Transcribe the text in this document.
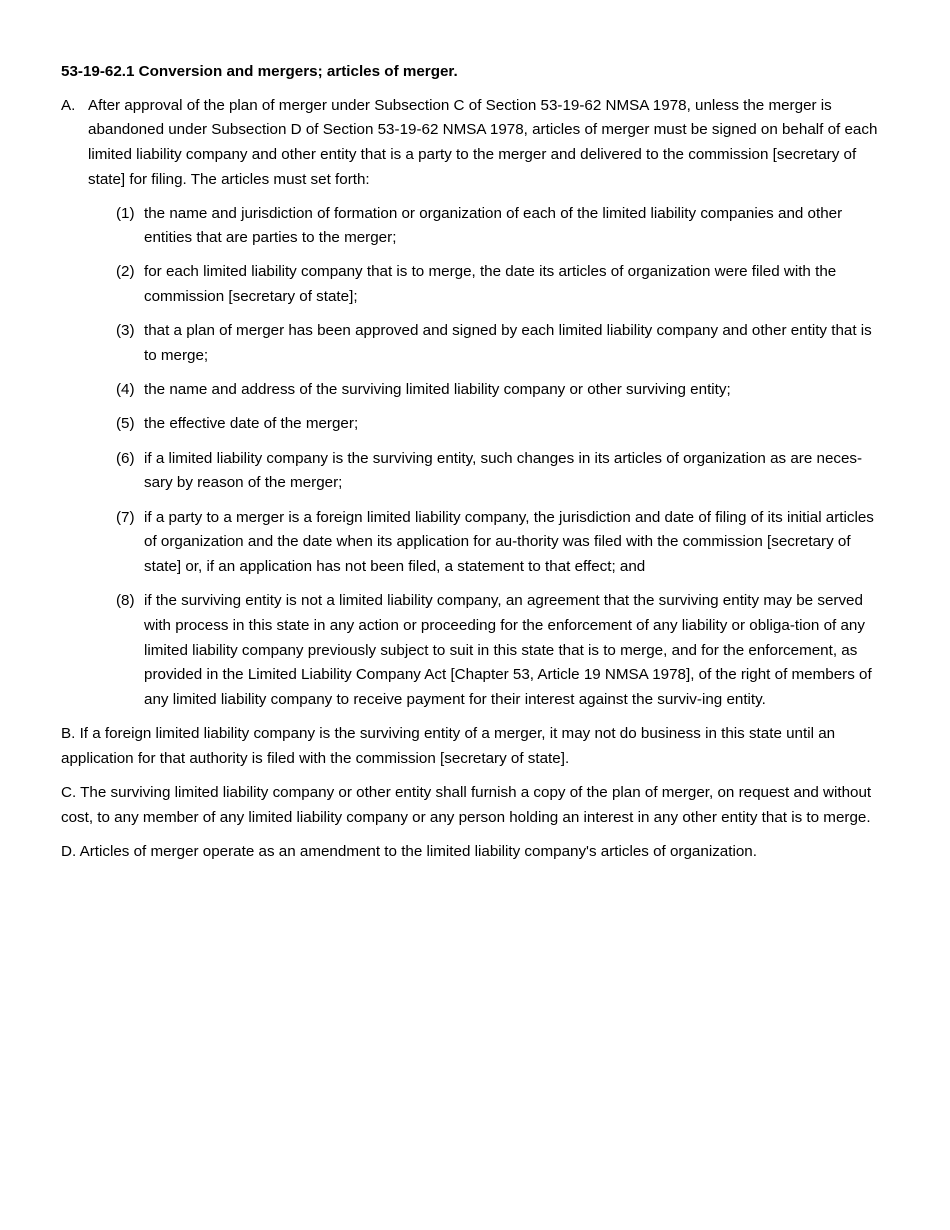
53-19-62.1 Conversion and mergers; articles of merger.
A. After approval of the plan of merger under Subsection C of Section 53-19-62 NMSA 1978, unless the merger is abandoned under Subsection D of Section 53-19-62 NMSA 1978, articles of merger must be signed on behalf of each limited liability company and other entity that is a party to the merger and delivered to the commission [secretary of state] for filing. The articles must set forth:
(1) the name and jurisdiction of formation or organization of each of the limited liability companies and other entities that are parties to the merger;
(2) for each limited liability company that is to merge, the date its articles of organization were filed with the commission [secretary of state];
(3) that a plan of merger has been approved and signed by each limited liability company and other entity that is to merge;
(4) the name and address of the surviving limited liability company or other surviving entity;
(5) the effective date of the merger;
(6) if a limited liability company is the surviving entity, such changes in its articles of organization as are neces-sary by reason of the merger;
(7) if a party to a merger is a foreign limited liability company, the jurisdiction and date of filing of its initial articles of organization and the date when its application for au-thority was filed with the commission [secretary of state] or, if an application has not been filed, a statement to that effect; and
(8) if the surviving entity is not a limited liability company, an agreement that the surviving entity may be served with process in this state in any action or proceeding for the enforcement of any liability or obliga-tion of any limited liability company previously subject to suit in this state that is to merge, and for the enforcement, as provided in the Limited Liability Company Act [Chapter 53, Article 19 NMSA 1978], of the right of members of any limited liability company to receive payment for their interest against the surviv-ing entity.
B. If a foreign limited liability company is the surviving entity of a merger, it may not do business in this state until an application for that authority is filed with the commission [secretary of state].
C. The surviving limited liability company or other entity shall furnish a copy of the plan of merger, on request and without cost, to any member of any limited liability company or any person holding an interest in any other entity that is to merge.
D. Articles of merger operate as an amendment to the limited liability company's articles of organization.
